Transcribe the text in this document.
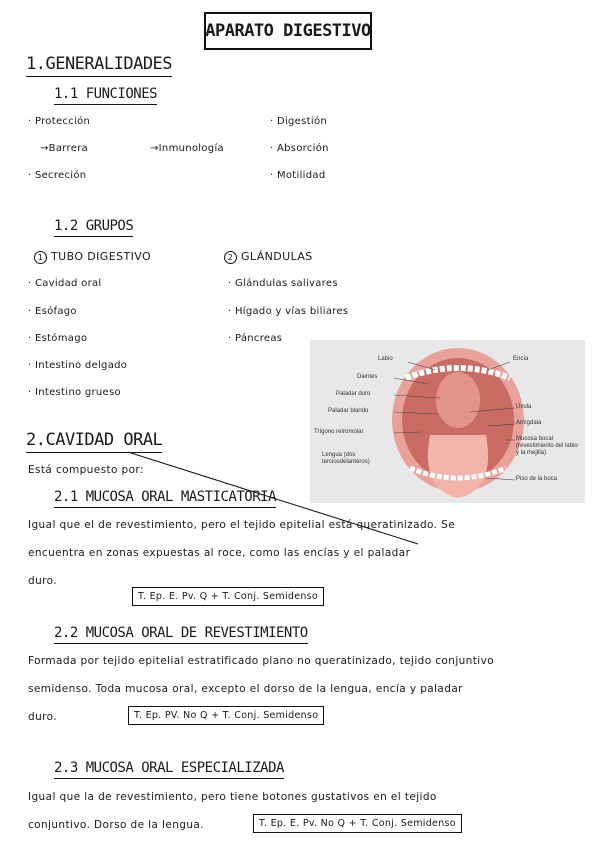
APARATO DIGESTIVO
1.GENERALIDADES
1.1 FUNCIONES
· Protección
→Barrera	→Inmunología
· Secreción
· Digestión
· Absorción
· Motilidad
1.2 GRUPOS
1 TUBO DIGESTIVO
· Cavidad oral
· Esófago
· Estómago
· Intestino delgado
· Intestino grueso
2 GLÁNDULAS
· Glándulas salivares
· Hígado y vías biliares
· Páncreas
Labio
Dientes
Paladar duro
Paladar blando
Trígono retromolar
Lengua (dos terciosdelanteros)
Encía
Úvula
Amígdala
Mucosa bucal (revestimiento del labio y la mejilla)
Piso de la boca
2.CAVIDAD ORAL
Está compuesto por:
2.1 MUCOSA ORAL MASTICATORIA
Igual que el de revestimiento, pero el tejido epitelial está queratinizado. Se
encuentra en zonas expuestas al roce, como las encías y el paladar
duro.
T. Ep. E. Pv. Q + T. Conj. Semidenso
2.2 MUCOSA ORAL DE REVESTIMIENTO
Formada por tejido epitelial estratificado plano no queratinizado, tejido conjuntivo
semidenso. Toda mucosa oral, excepto el dorso de la lengua, encía y paladar
duro.	T. Ep. PV. No Q + T. Conj. Semidenso
2.3 MUCOSA ORAL ESPECIALIZADA
Igual que la de revestimiento, pero tiene botones gustativos en el tejido
conjuntivo. Dorso de la lengua.	T. Ep. E. Pv. No Q + T. Conj. Semidenso
